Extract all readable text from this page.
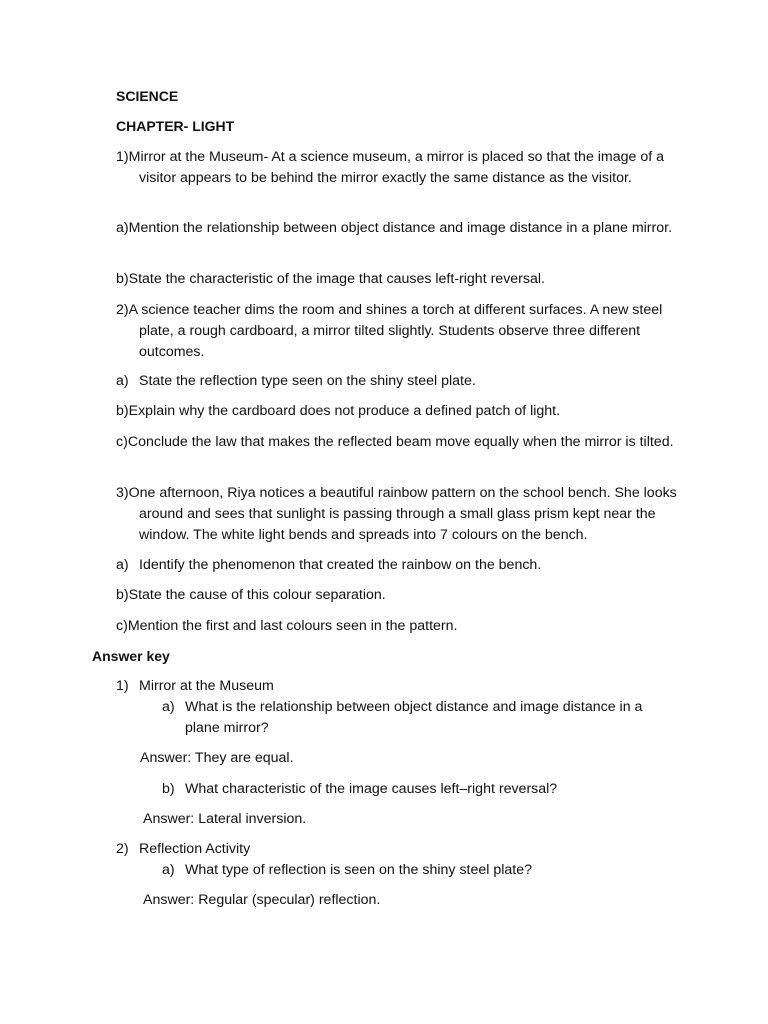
SCIENCE
CHAPTER- LIGHT
1)Mirror at the Museum- At a science museum, a mirror is placed so that the image of a visitor appears to be behind the mirror exactly the same distance as the visitor.
a)Mention the relationship between object distance and image distance in a plane mirror.
b)State the characteristic of the image that causes left-right reversal.
2)A science teacher dims the room and shines a torch at different surfaces. A new steel plate, a rough cardboard, a mirror tilted slightly. Students observe three different outcomes.
a) State the reflection type seen on the shiny steel plate.
b)Explain why the cardboard does not produce a defined patch of light.
c)Conclude the law that makes the reflected beam move equally when the mirror is tilted.
3)One afternoon, Riya notices a beautiful rainbow pattern on the school bench. She looks around and sees that sunlight is passing through a small glass prism kept near the window. The white light bends and spreads into 7 colours on the bench.
a) Identify the phenomenon that created the rainbow on the bench.
b)State the cause of this colour separation.
c)Mention the first and last colours seen in the pattern.
Answer key
1) Mirror at the Museum
a) What is the relationship between object distance and image distance in a plane mirror?
Answer: They are equal.
b) What characteristic of the image causes left–right reversal?
Answer: Lateral inversion.
2) Reflection Activity
a) What type of reflection is seen on the shiny steel plate?
Answer: Regular (specular) reflection.
